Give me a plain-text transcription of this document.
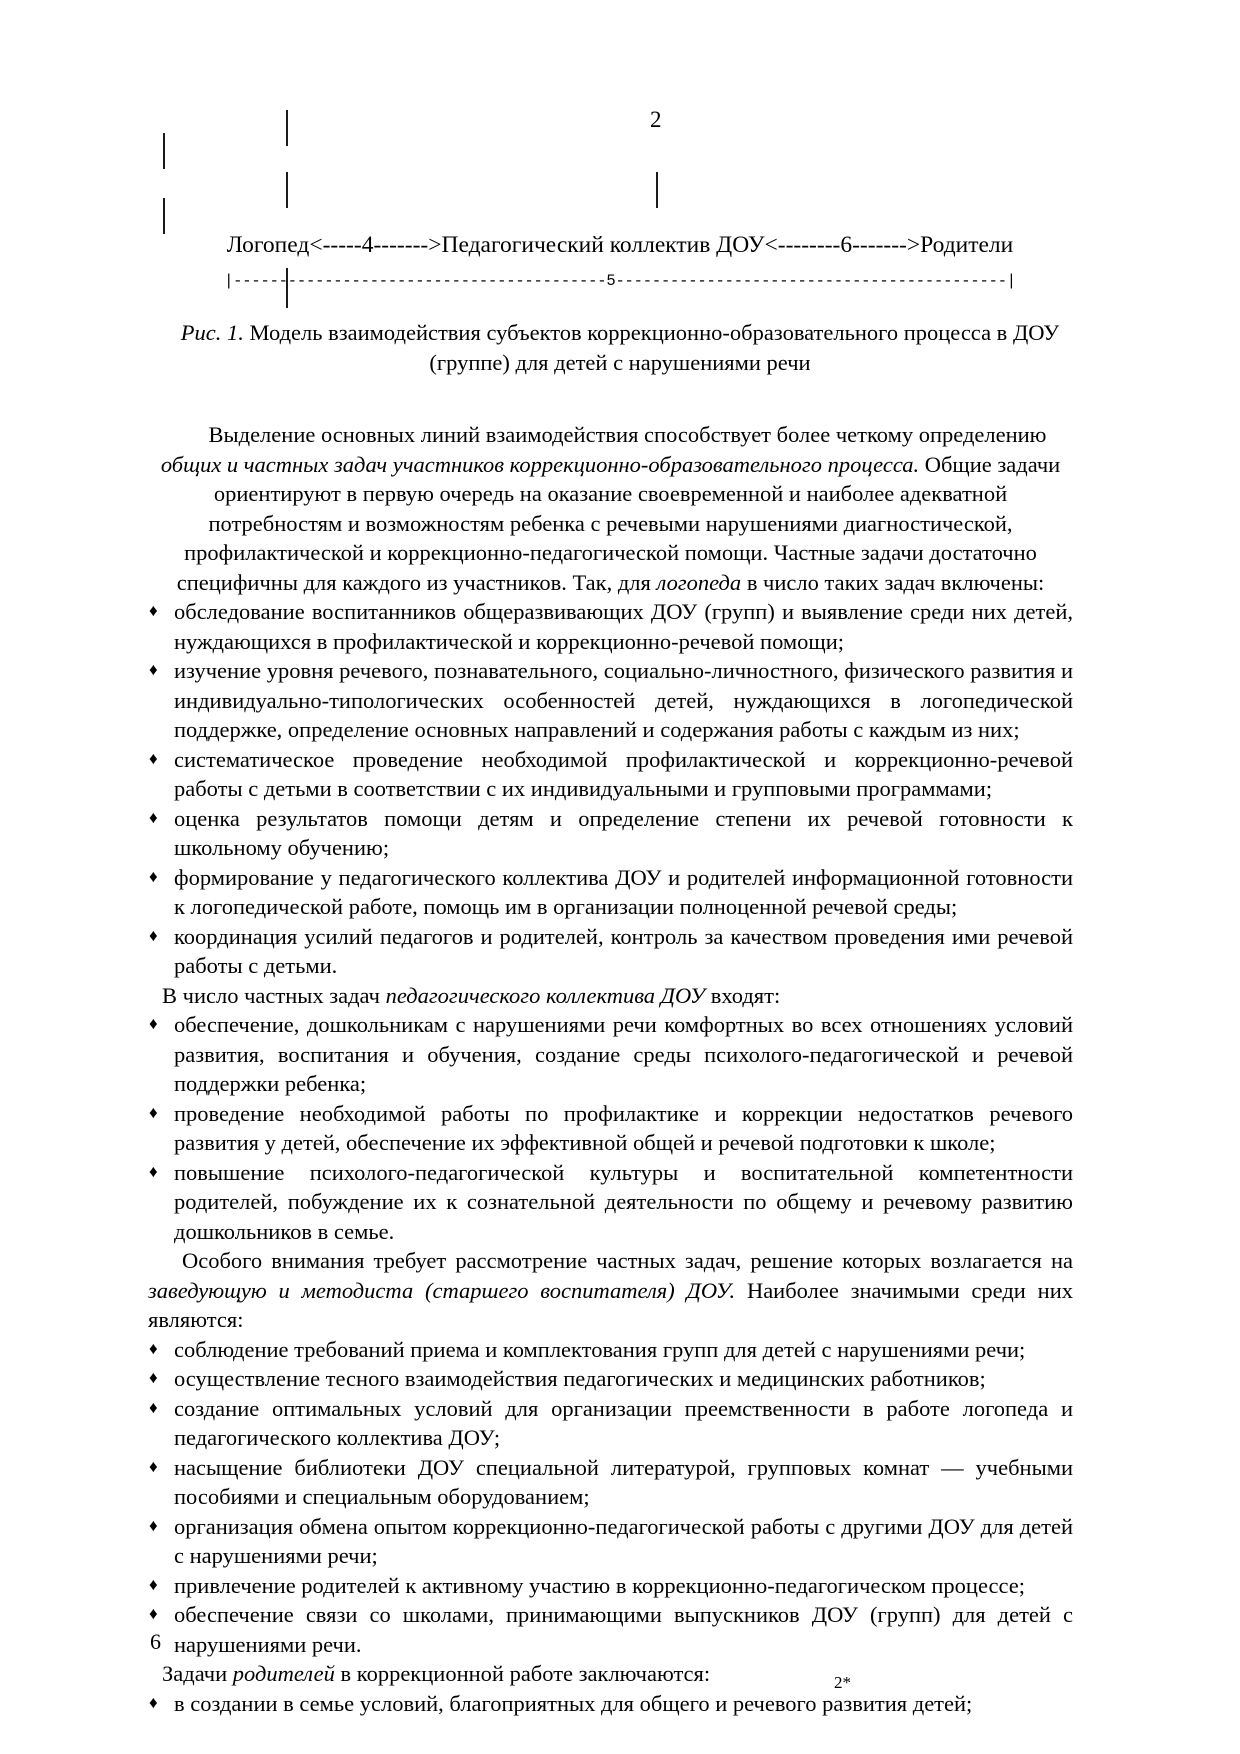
2
Логопед<-----4------->Педагогический коллектив ДОУ<--------6------->Родители
|-----------------------------------------5-------------------------------------------|
Рис. 1. Модель взаимодействия субъектов коррекционно-образовательного процесса в ДОУ (группе) для детей с нарушениями речи

Выделение основных линий взаимодействия способствует более четкому определению общих и частных задач участников коррекционно-образовательного процесса. Общие задачи ориентируют в первую очередь на оказание своевременной и наиболее адекватной потребностям и возможностям ребенка с речевыми нарушениями диагностической, профилактической и коррекционно-педагогической помощи. Частные задачи достаточно специфичны для каждого из участников. Так, для логопеда в число таких задач включены:

♦ обследование воспитанников общеразвивающих ДОУ (групп) и выявление среди них детей, нуждающихся в профилактической и коррекционно-речевой помощи;
♦ изучение уровня речевого, познавательного, социально-личностного, физического развития и индивидуально-типологических особенностей детей, нуждающихся в логопедической поддержке, определение основных направлений и содержания работы с каждым из них;
♦ систематическое проведение необходимой профилактической и коррекционно-речевой работы с детьми в соответствии с их индивидуальными и групповыми программами;
♦ оценка результатов помощи детям и определение степени их речевой готовности к школьному обучению;
♦ формирование у педагогического коллектива ДОУ и родителей информационной готовности к логопедической работе, помощь им в организации полноценной речевой среды;
♦ координация усилий педагогов и родителей, контроль за качеством проведения ими речевой работы с детьми.

В число частных задач педагогического коллектива ДОУ входят:

♦ обеспечение, дошкольникам с нарушениями речи комфортных во всех отношениях условий развития, воспитания и обучения, создание среды психолого-педагогической и речевой поддержки ребенка;
♦ проведение необходимой работы по профилактике и коррекции недостатков речевого развития у детей, обеспечение их эффективной общей и речевой подготовки к школе;
♦ повышение психолого-педагогической культуры и воспитательной компетентности родителей, побуждение их к сознательной деятельности по общему и речевому развитию дошкольников в семье.

Особого внимания требует рассмотрение частных задач, решение которых возлагается на заведующую и методиста (старшего воспитателя) ДОУ. Наиболее значимыми среди них являются:

♦ соблюдение требований приема и комплектования групп для детей с нарушениями речи;
♦ осуществление тесного взаимодействия педагогических и медицинских работников;
♦ создание оптимальных условий для организации преемственности в работе логопеда и педагогического коллектива ДОУ;
♦ насыщение библиотеки ДОУ специальной литературой, групповых комнат — учебными пособиями и специальным оборудованием;
♦ организация обмена опытом коррекционно-педагогической работы с другими ДОУ для детей с нарушениями речи;
♦ привлечение родителей к активному участию в коррекционно-педагогическом процессе;
♦ обеспечение связи со школами, принимающими выпускников ДОУ (групп) для детей с нарушениями речи.

Задачи родителей в коррекционной работе заключаются:

♦ в создании в семье условий, благоприятных для общего и речевого развития детей;
6
2*
